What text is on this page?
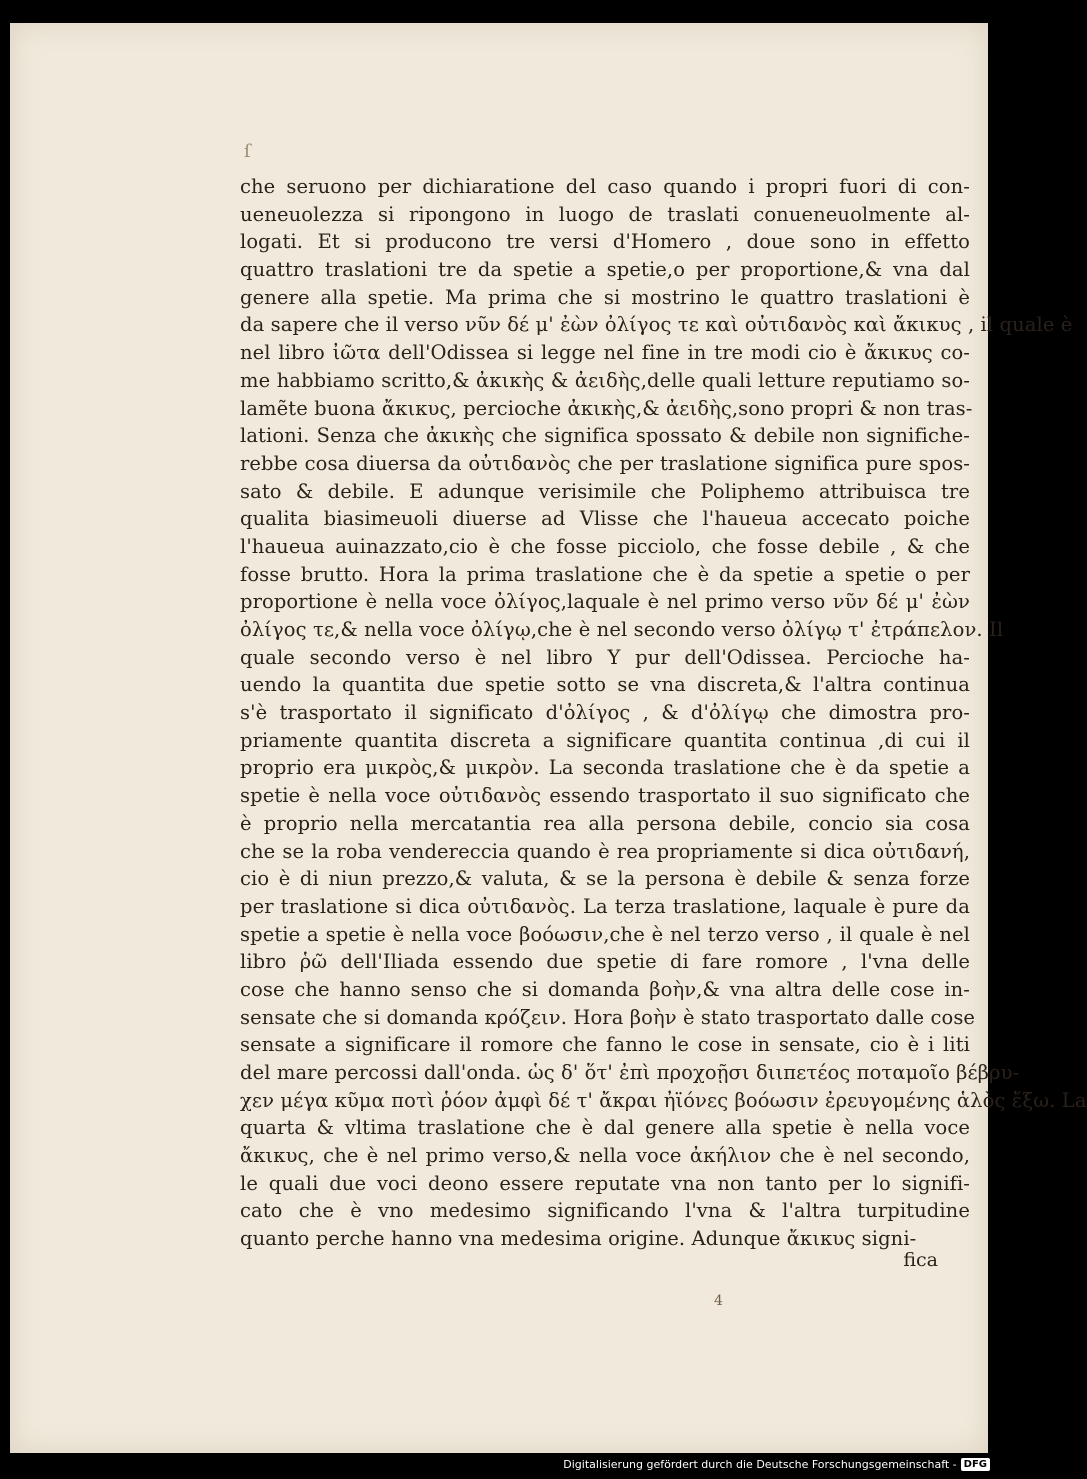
ſ
che seruono per dichiaratione del caso quando i propri fuori di con-
ueneuolezza si ripongono in luogo de traslati conueneuolmente al-
logati. Et si producono tre versi d'Homero , doue sono in effetto
quattro traslationi tre da spetie a spetie,o per proportione,& vna dal
genere alla spetie. Ma prima che si mostrino le quattro traslationi è
da sapere che il verso νῦν δέ μ' ἐὼν ὀλίγος τε καὶ οὐτιδανὸς καὶ ἄκικυς , il quale è
nel libro ἰῶτα dell'Odissea si legge nel fine in tre modi cio è ἄκικυς co-
me habbiamo scritto,& ἀκικὴς & ἀειδὴς,delle quali letture reputiamo so-
lamẽte buona ἄκικυς, percioche ἀκικὴς,& ἀειδὴς,sono propri & non tras-
lationi. Senza che ἀκικὴς che significa spossato & debile non significhe-
rebbe cosa diuersa da οὐτιδανὸς che per traslatione significa pure spos-
sato & debile. E adunque verisimile che Poliphemo attribuisca tre
qualita biasimeuoli diuerse ad Vlisse che l'haueua accecato poiche
l'haueua auinazzato,cio è che fosse picciolo, che fosse debile , & che
fosse brutto. Hora la prima traslatione che è da spetie a spetie o per
proportione è nella voce ὀλίγος,laquale è nel primo verso νῦν δέ μ' ἐὼν
ὀλίγος τε,& nella voce ὀλίγῳ,che è nel secondo verso ὀλίγῳ τ' ἐτράπελον. Il
quale secondo verso è nel libro Y pur dell'Odissea. Percioche ha-
uendo la quantita due spetie sotto se vna discreta,& l'altra continua
s'è trasportato il significato d'ὀλίγος , & d'ὀλίγῳ che dimostra pro-
priamente quantita discreta a significare quantita continua ,di cui il
proprio era μικρὸς,& μικρὸν. La seconda traslatione che è da spetie a
spetie è nella voce οὐτιδανὸς essendo trasportato il suo significato che
è proprio nella mercatantia rea alla persona debile, concio sia cosa
che se la roba vendereccia quando è rea propriamente si dica οὐτιδανή,
cio è di niun prezzo,& valuta, & se la persona è debile & senza forze
per traslatione si dica οὐτιδανὸς. La terza traslatione, laquale è pure da
spetie a spetie è nella voce βοόωσιν,che è nel terzo verso , il quale è nel
libro ῥῶ dell'Iliada essendo due spetie di fare romore , l'vna delle
cose che hanno senso che si domanda βοὴν,& vna altra delle cose in-
sensate che si domanda κρόζειν. Hora βοὴν è stato trasportato dalle cose
sensate a significare il romore che fanno le cose in sensate, cio è i liti
del mare percossi dall'onda. ὡς δ' ὅτ' ἐπὶ προχοῇσι διιπετέος ποταμοῖο βέβρυ-
χεν μέγα κῦμα ποτὶ ῥόον ἀμφὶ δέ τ' ἄκραι ἠϊόνες βοόωσιν ἐρευγομένης ἁλὸς ἔξω. La
quarta & vltima traslatione che è dal genere alla spetie è nella voce
ἄκικυς, che è nel primo verso,& nella voce ἀκήλιον che è nel secondo,
le quali due voci deono essere reputate vna non tanto per lo signifi-
cato che è vno medesimo significando l'vna & l'altra turpitudine
quanto perche hanno vna medesima origine. Adunque ἄκικυς signi-
fica
4
Digitalisierung gefördert durch die Deutsche Forschungsgemeinschaft - DFG
